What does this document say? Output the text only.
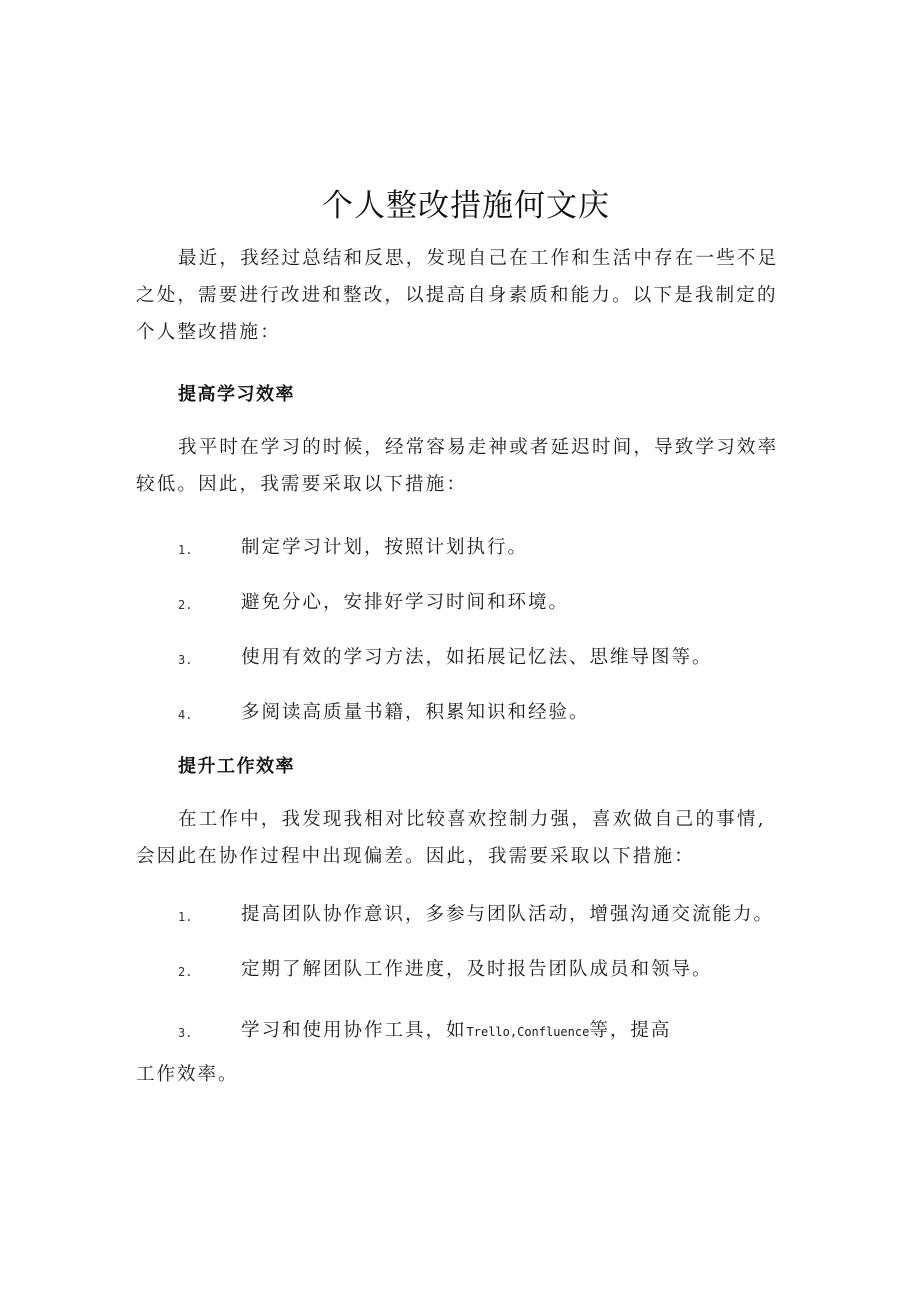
个人整改措施何文庆

最近，我经过总结和反思，发现自己在工作和生活中存在一些不足之处，需要进行改进和整改，以提高自身素质和能力。以下是我制定的个人整改措施：

提高学习效率

我平时在学习的时候，经常容易走神或者延迟时间，导致学习效率较低。因此，我需要采取以下措施：

1.	制定学习计划，按照计划执行。
2.	避免分心，安排好学习时间和环境。
3.	使用有效的学习方法，如拓展记忆法、思维导图等。
4.	多阅读高质量书籍，积累知识和经验。
提升工作效率

在工作中，我发现我相对比较喜欢控制力强，喜欢做自己的事情,会因此在协作过程中出现偏差。因此，我需要采取以下措施：

1.	提高团队协作意识，多参与团队活动，增强沟通交流能力。
2.	定期了解团队工作进度，及时报告团队成员和领导。
3.	学习和使用协作工具，如Trello,Confluence等，提高

工作效率。
